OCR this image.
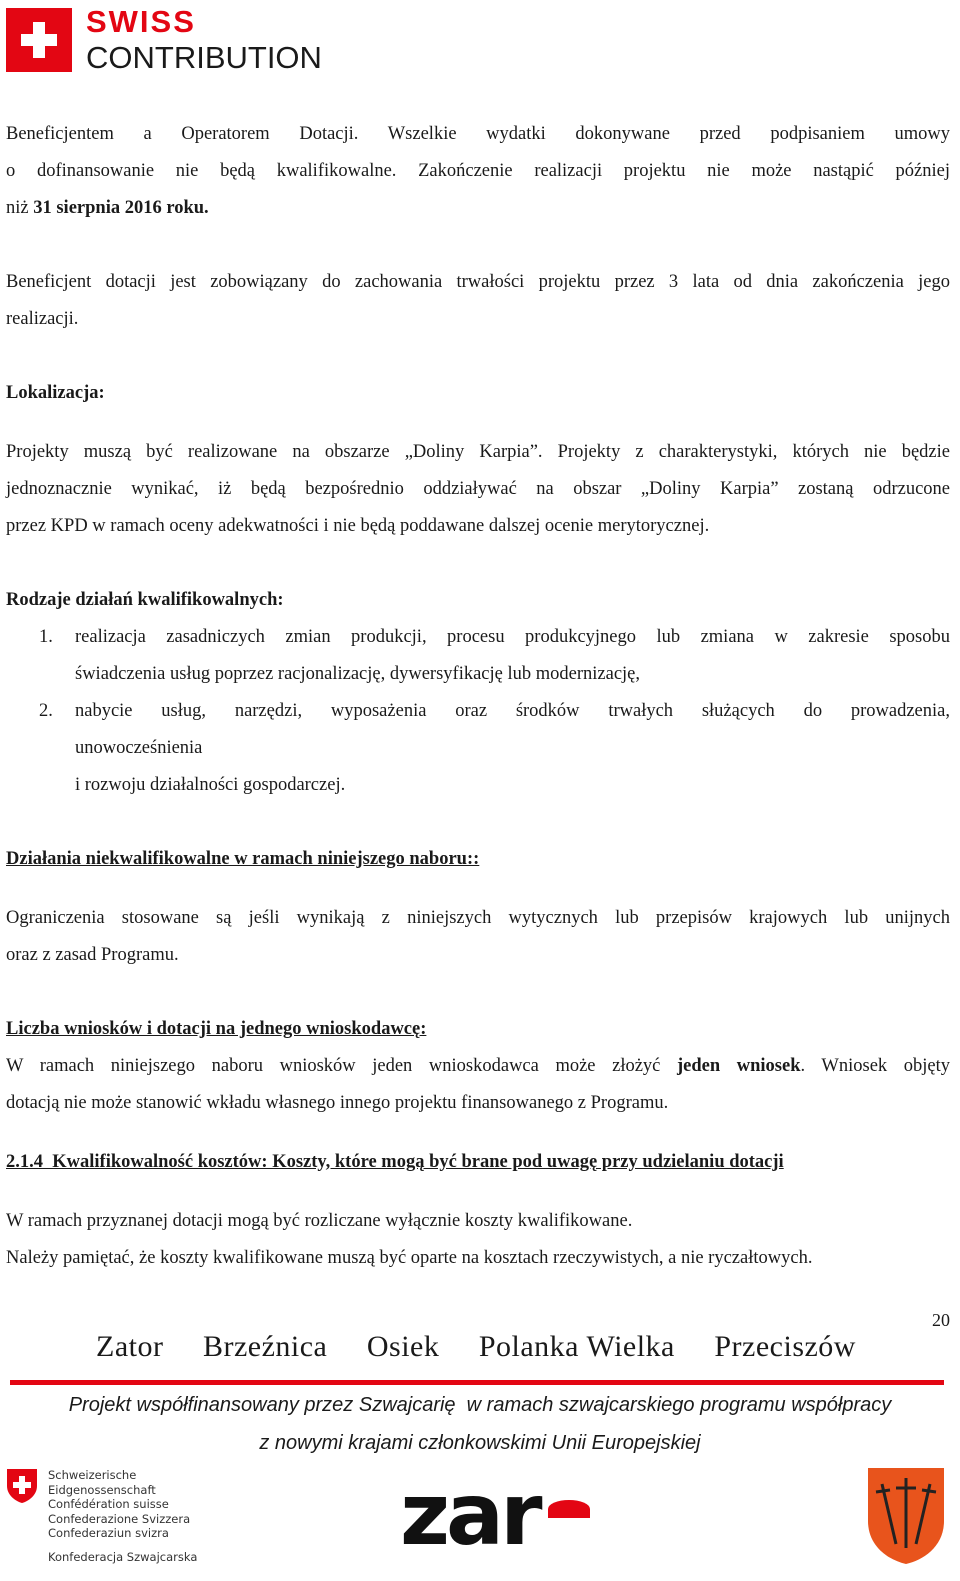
SWISS
CONTRIBUTION

Beneficjentem a Operatorem Dotacji. Wszelkie wydatki dokonywane przed podpisaniem umowy

o dofinansowanie nie będą kwalifikowalne. Zakończenie realizacji projektu nie może nastąpić później

niż 31 sierpnia 2016 roku.

Beneficjent dotacji jest zobowiązany do zachowania trwałości projektu przez 3 lata od dnia zakończenia jego

realizacji.

Lokalizacja:

Projekty muszą być realizowane na obszarze „Doliny Karpia”. Projekty z charakterystyki, których nie będzie

jednoznacznie wynikać, iż będą bezpośrednio oddziaływać na obszar „Doliny Karpia” zostaną odrzucone

przez KPD w ramach oceny adekwatności i nie będą poddawane dalszej ocenie merytorycznej.

Rodzaje działań kwalifikowalnych:

1. realizacja zasadniczych zmian produkcji, procesu produkcyjnego lub zmiana w zakresie sposobu
świadczenia usług poprzez racjonalizację, dywersyfikację lub modernizację,
2. nabycie usług, narzędzi, wyposażenia oraz środków trwałych służących do prowadzenia,
unowocześnienia
i rozwoju działalności gospodarczej.

Działania niekwalifikowalne w ramach niniejszego naboru::

Ograniczenia stosowane są jeśli wynikają z niniejszych wytycznych lub przepisów krajowych lub unijnych

oraz z zasad Programu.

Liczba wniosków i dotacji na jednego wnioskodawcę:

W ramach niniejszego naboru wniosków jeden wnioskodawca może złożyć jeden wniosek. Wniosek objęty

dotacją nie może stanowić wkładu własnego innego projektu finansowanego z Programu.

2.1.4  Kwalifikowalność kosztów: Koszty, które mogą być brane pod uwagę przy udzielaniu dotacji

W ramach przyznanej dotacji mogą być rozliczane wyłącznie koszty kwalifikowane.

Należy pamiętać, że koszty kwalifikowane muszą być oparte na kosztach rzeczywistych, a nie ryczałtowych.

20
Zator Brzeźnica Osiek Polanka Wielka Przeciszów
Projekt współfinansowany przez Szwajcarię  w ramach szwajcarskiego programu współpracy
z nowymi krajami członkowskimi Unii Europejskiej
Schweizerische Eidgenossenschaft
Confédération suisse
Confederazione Svizzera
Confederaziun svizra
Konfederacja Szwajcarska zar
